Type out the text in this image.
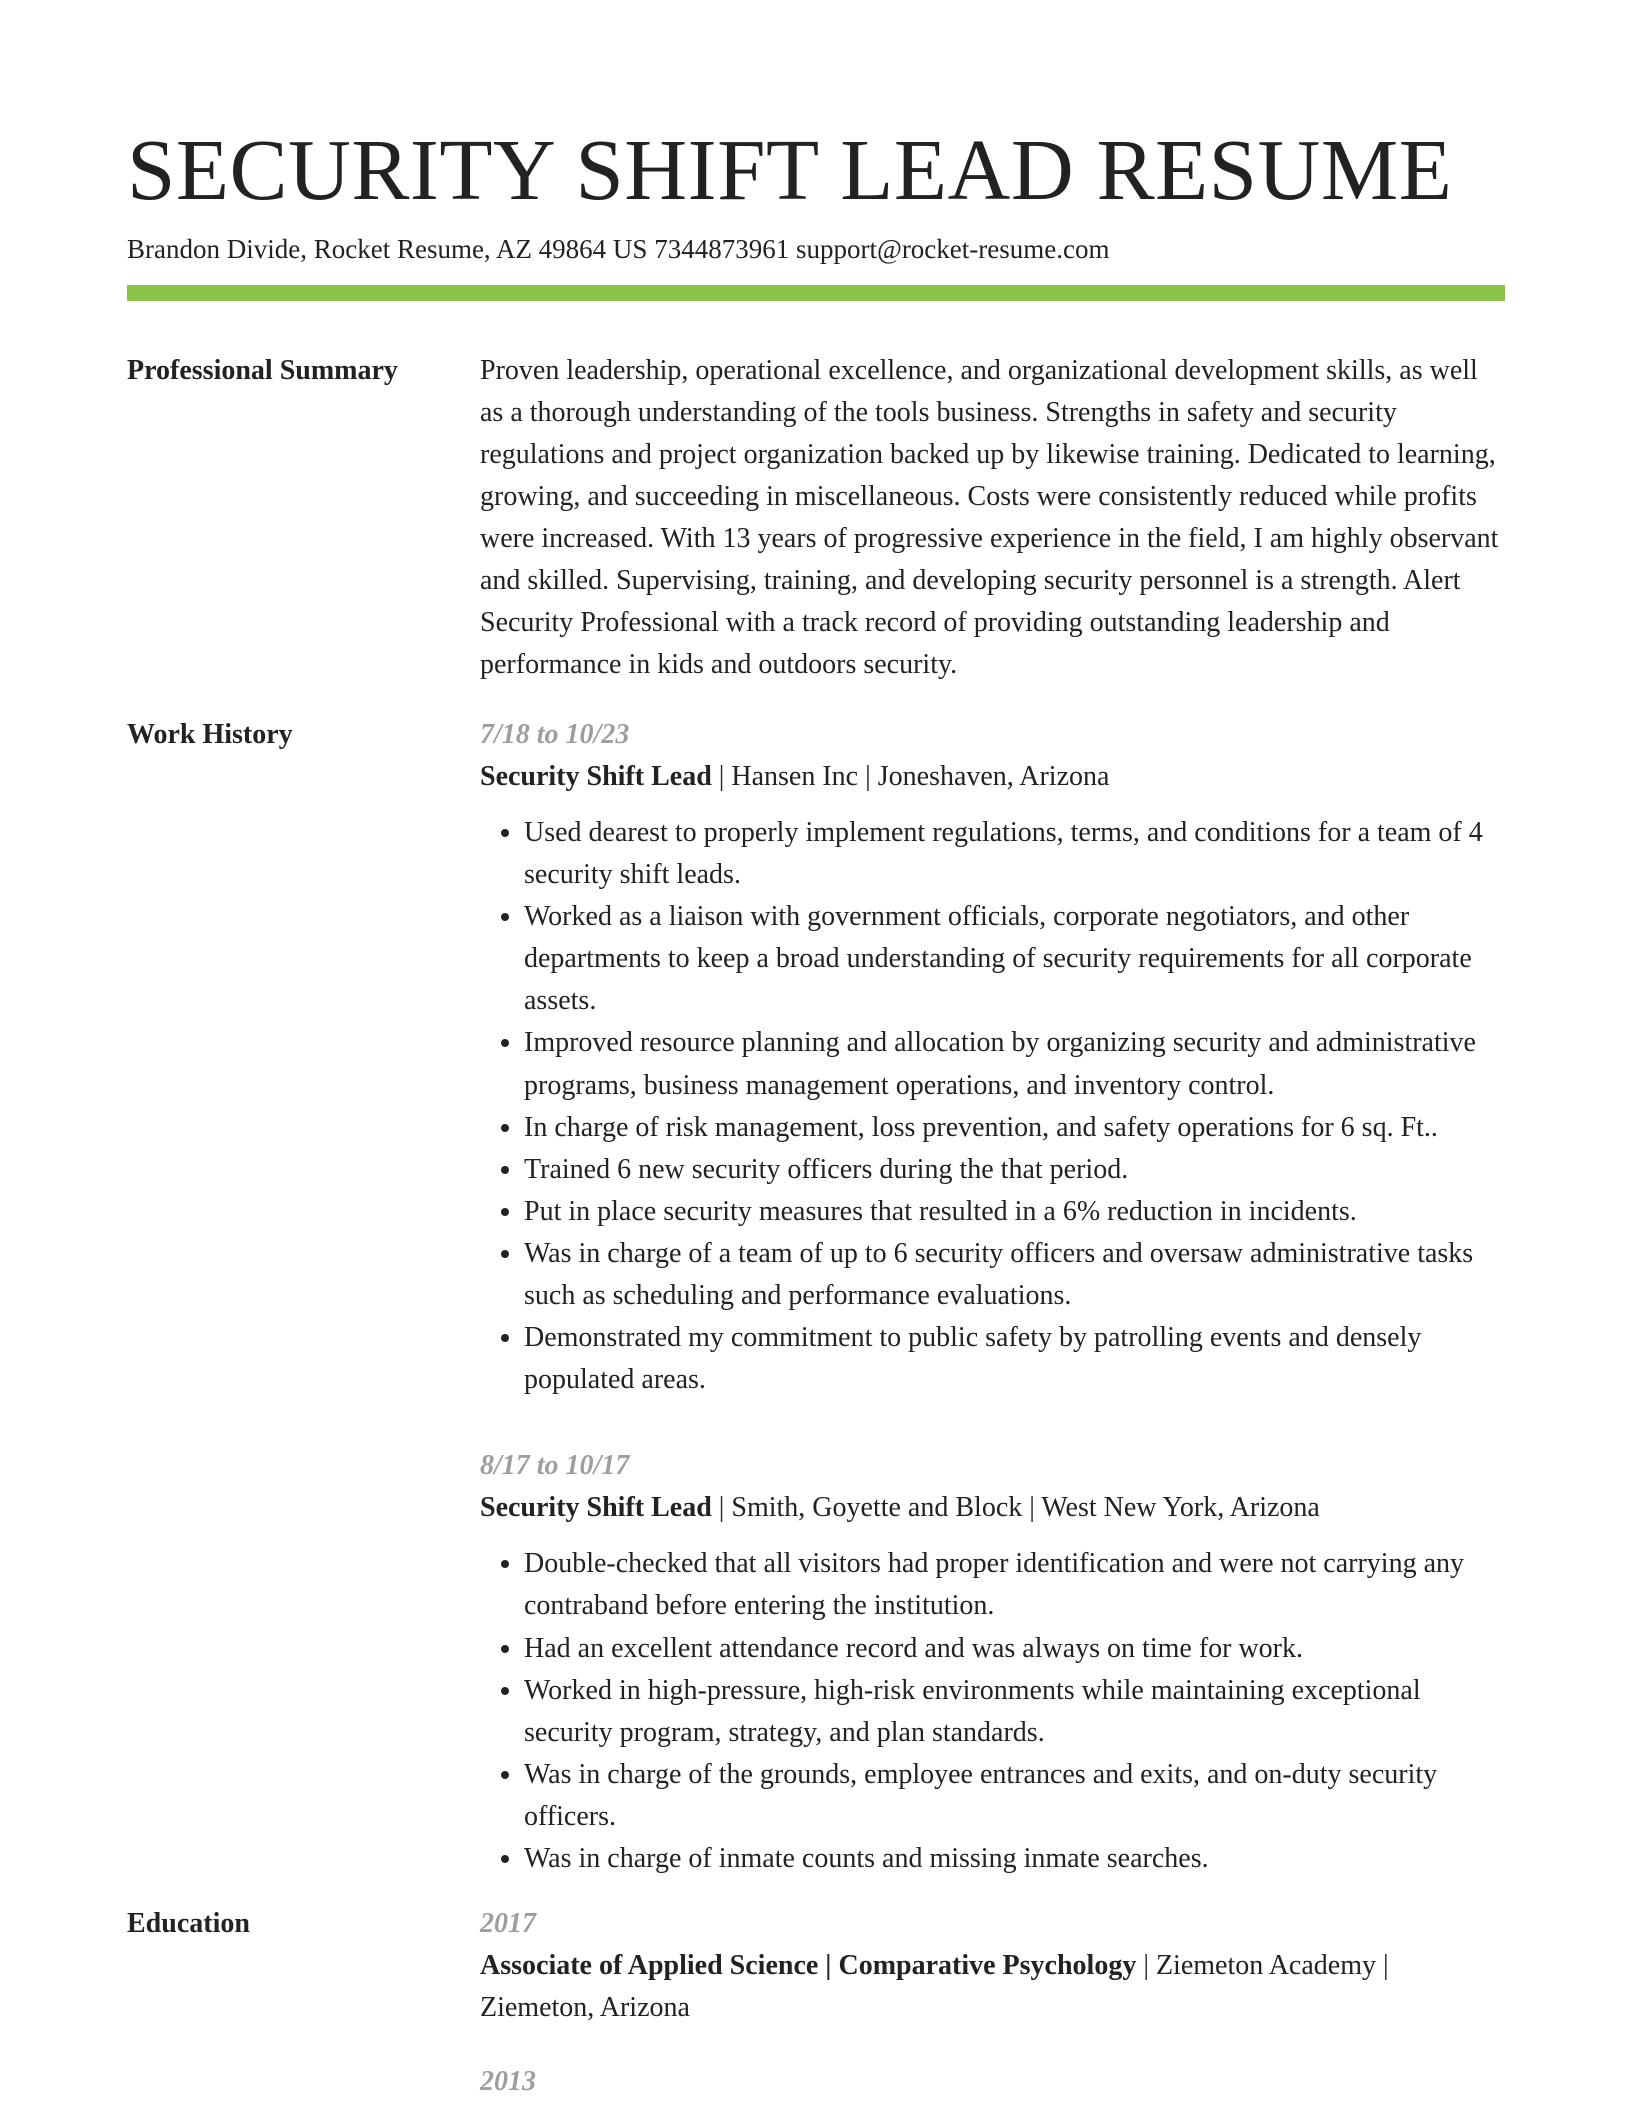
SECURITY SHIFT LEAD RESUME
Brandon Divide, Rocket Resume, AZ 49864 US 7344873961 support@rocket-resume.com
Professional Summary	Proven leadership, operational excellence, and organizational development skills, as well as a thorough understanding of the tools business. Strengths in safety and security regulations and project organization backed up by likewise training. Dedicated to learning, growing, and succeeding in miscellaneous. Costs were consistently reduced while profits were increased. With 13 years of progressive experience in the field, I am highly observant and skilled. Supervising, training, and developing security personnel is a strength. Alert Security Professional with a track record of providing outstanding leadership and performance in kids and outdoors security.

Work History	7/18 to 10/23
Security Shift Lead | Hansen Inc | Joneshaven, Arizona
• Used dearest to properly implement regulations, terms, and conditions for a team of 4 security shift leads.
• Worked as a liaison with government officials, corporate negotiators, and other departments to keep a broad understanding of security requirements for all corporate assets.
• Improved resource planning and allocation by organizing security and administrative programs, business management operations, and inventory control.
• In charge of risk management, loss prevention, and safety operations for 6 sq. Ft..
• Trained 6 new security officers during the that period.
• Put in place security measures that resulted in a 6% reduction in incidents.
• Was in charge of a team of up to 6 security officers and oversaw administrative tasks such as scheduling and performance evaluations.
• Demonstrated my commitment to public safety by patrolling events and densely populated areas.
8/17 to 10/17
Security Shift Lead | Smith, Goyette and Block | West New York, Arizona
• Double-checked that all visitors had proper identification and were not carrying any contraband before entering the institution.
• Had an excellent attendance record and was always on time for work.
• Worked in high-pressure, high-risk environments while maintaining exceptional security program, strategy, and plan standards.
• Was in charge of the grounds, employee entrances and exits, and on-duty security officers.
• Was in charge of inmate counts and missing inmate searches.
Education	2017
Associate of Applied Science | Comparative Psychology | Ziemeton Academy | Ziemeton, Arizona
2013
